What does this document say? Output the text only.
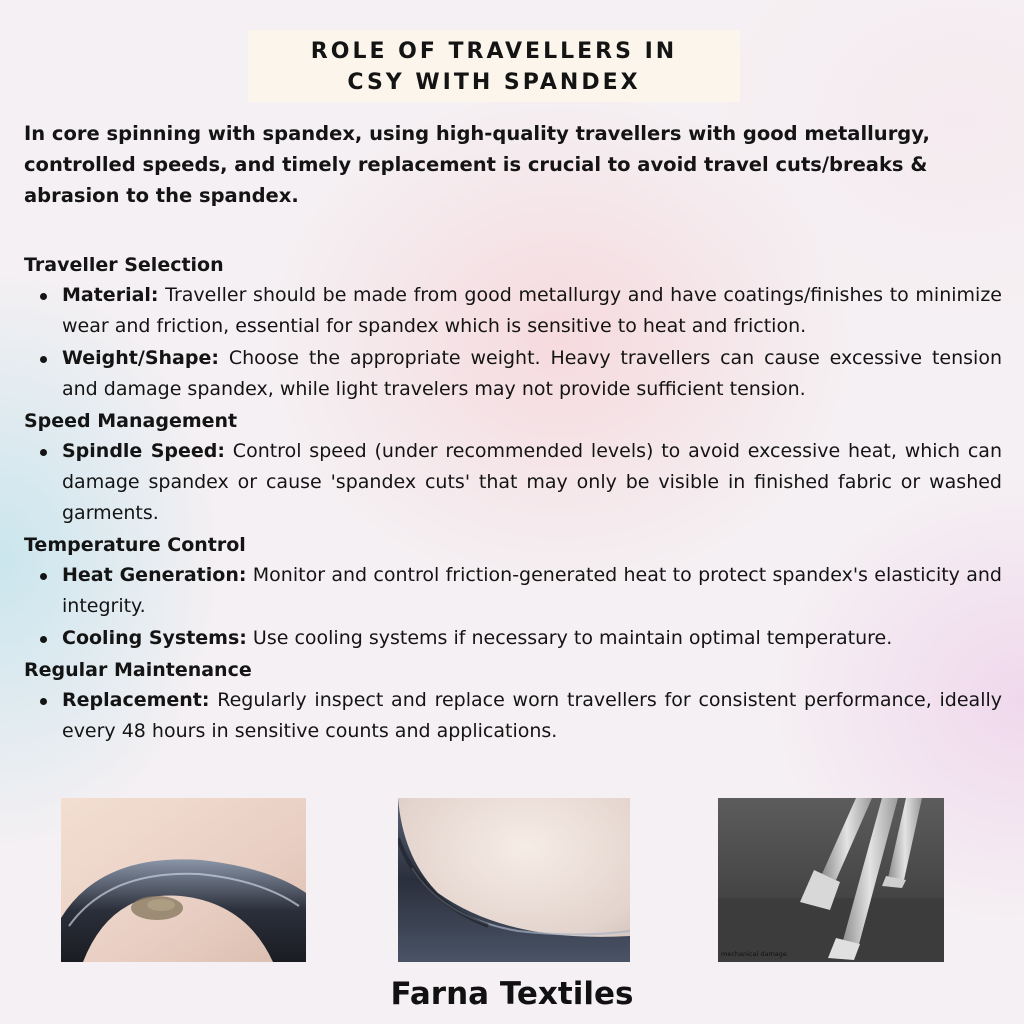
ROLE OF TRAVELLERS IN
CSY WITH SPANDEX

In core spinning with spandex, using high-quality travellers with good metallurgy, controlled speeds, and timely replacement is crucial to avoid travel cuts/breaks & abrasion to the spandex.

Traveller Selection
Material: Traveller should be made from good metallurgy and have coatings/finishes to minimize wear and friction, essential for spandex which is sensitive to heat and friction.
Weight/Shape: Choose the appropriate weight. Heavy travellers can cause excessive tension and damage spandex, while light travelers may not provide sufficient tension.
Speed Management
Spindle Speed: Control speed (under recommended levels) to avoid excessive heat, which can damage spandex or cause 'spandex cuts' that may only be visible in finished fabric or washed garments.
Temperature Control
Heat Generation: Monitor and control friction-generated heat to protect spandex's elasticity and integrity.
Cooling Systems: Use cooling systems if necessary to maintain optimal temperature.
Regular Maintenance
Replacement: Regularly inspect and replace worn travellers for consistent performance, ideally every 48 hours in sensitive counts and applications.
mechanical damage
Farna Textiles
